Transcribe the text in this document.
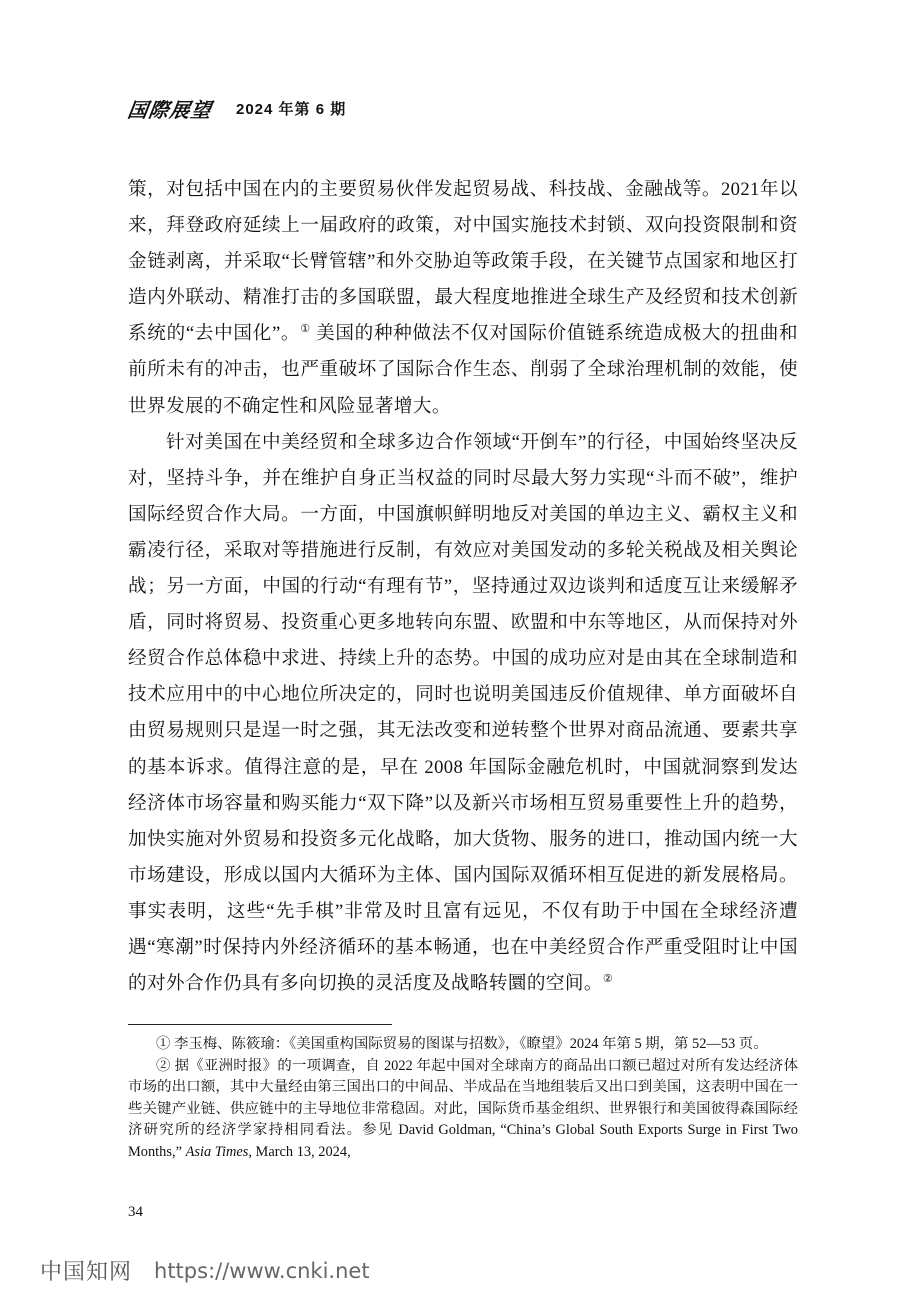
国際展望 2024 年第 6 期

策，对包括中国在内的主要贸易伙伴发起贸易战、科技战、金融战等。2021年以来，拜登政府延续上一届政府的政策，对中国实施技术封锁、双向投资限制和资金链剥离，并采取“长臂管辖”和外交胁迫等政策手段，在关键节点国家和地区打造内外联动、精准打击的多国联盟，最大程度地推进全球生产及经贸和技术创新系统的“去中国化”。① 美国的种种做法不仅对国际价值链系统造成极大的扭曲和前所未有的冲击，也严重破坏了国际合作生态、削弱了全球治理机制的效能，使世界发展的不确定性和风险显著增大。

针对美国在中美经贸和全球多边合作领域“开倒车”的行径，中国始终坚决反对，坚持斗争，并在维护自身正当权益的同时尽最大努力实现“斗而不破”，维护国际经贸合作大局。一方面，中国旗帜鲜明地反对美国的单边主义、霸权主义和霸凌行径，采取对等措施进行反制，有效应对美国发动的多轮关税战及相关舆论战；另一方面，中国的行动“有理有节”，坚持通过双边谈判和适度互让来缓解矛盾，同时将贸易、投资重心更多地转向东盟、欧盟和中东等地区，从而保持对外经贸合作总体稳中求进、持续上升的态势。中国的成功应对是由其在全球制造和技术应用中的中心地位所决定的，同时也说明美国违反价值规律、单方面破坏自由贸易规则只是逞一时之强，其无法改变和逆转整个世界对商品流通、要素共享的基本诉求。值得注意的是，早在 2008 年国际金融危机时，中国就洞察到发达经济体市场容量和购买能力“双下降”以及新兴市场相互贸易重要性上升的趋势，加快实施对外贸易和投资多元化战略，加大货物、服务的进口，推动国内统一大市场建设，形成以国内大循环为主体、国内国际双循环相互促进的新发展格局。事实表明，这些“先手棋”非常及时且富有远见，不仅有助于中国在全球经济遭遇“寒潮”时保持内外经济循环的基本畅通，也在中美经贸合作严重受阻时让中国的对外合作仍具有多向切换的灵活度及战略转圜的空间。②

① 李玉梅、陈筱瑜：《美国重构国际贸易的图谋与招数》，《瞭望》2024 年第 5 期，第 52—53 页。

② 据《亚洲时报》的一项调查，自 2022 年起中国对全球南方的商品出口额已超过对所有发达经济体市场的出口额，其中大量经由第三国出口的中间品、半成品在当地组装后又出口到美国，这表明中国在一些关键产业链、供应链中的主导地位非常稳固。对此，国际货币基金组织、世界银行和美国彼得森国际经济研究所的经济学家持相同看法。参见 David Goldman, “China’s Global South Exports Surge in First Two Months,” Asia Times, March 13, 2024,

34
中国知网 https://www.cnki.net
